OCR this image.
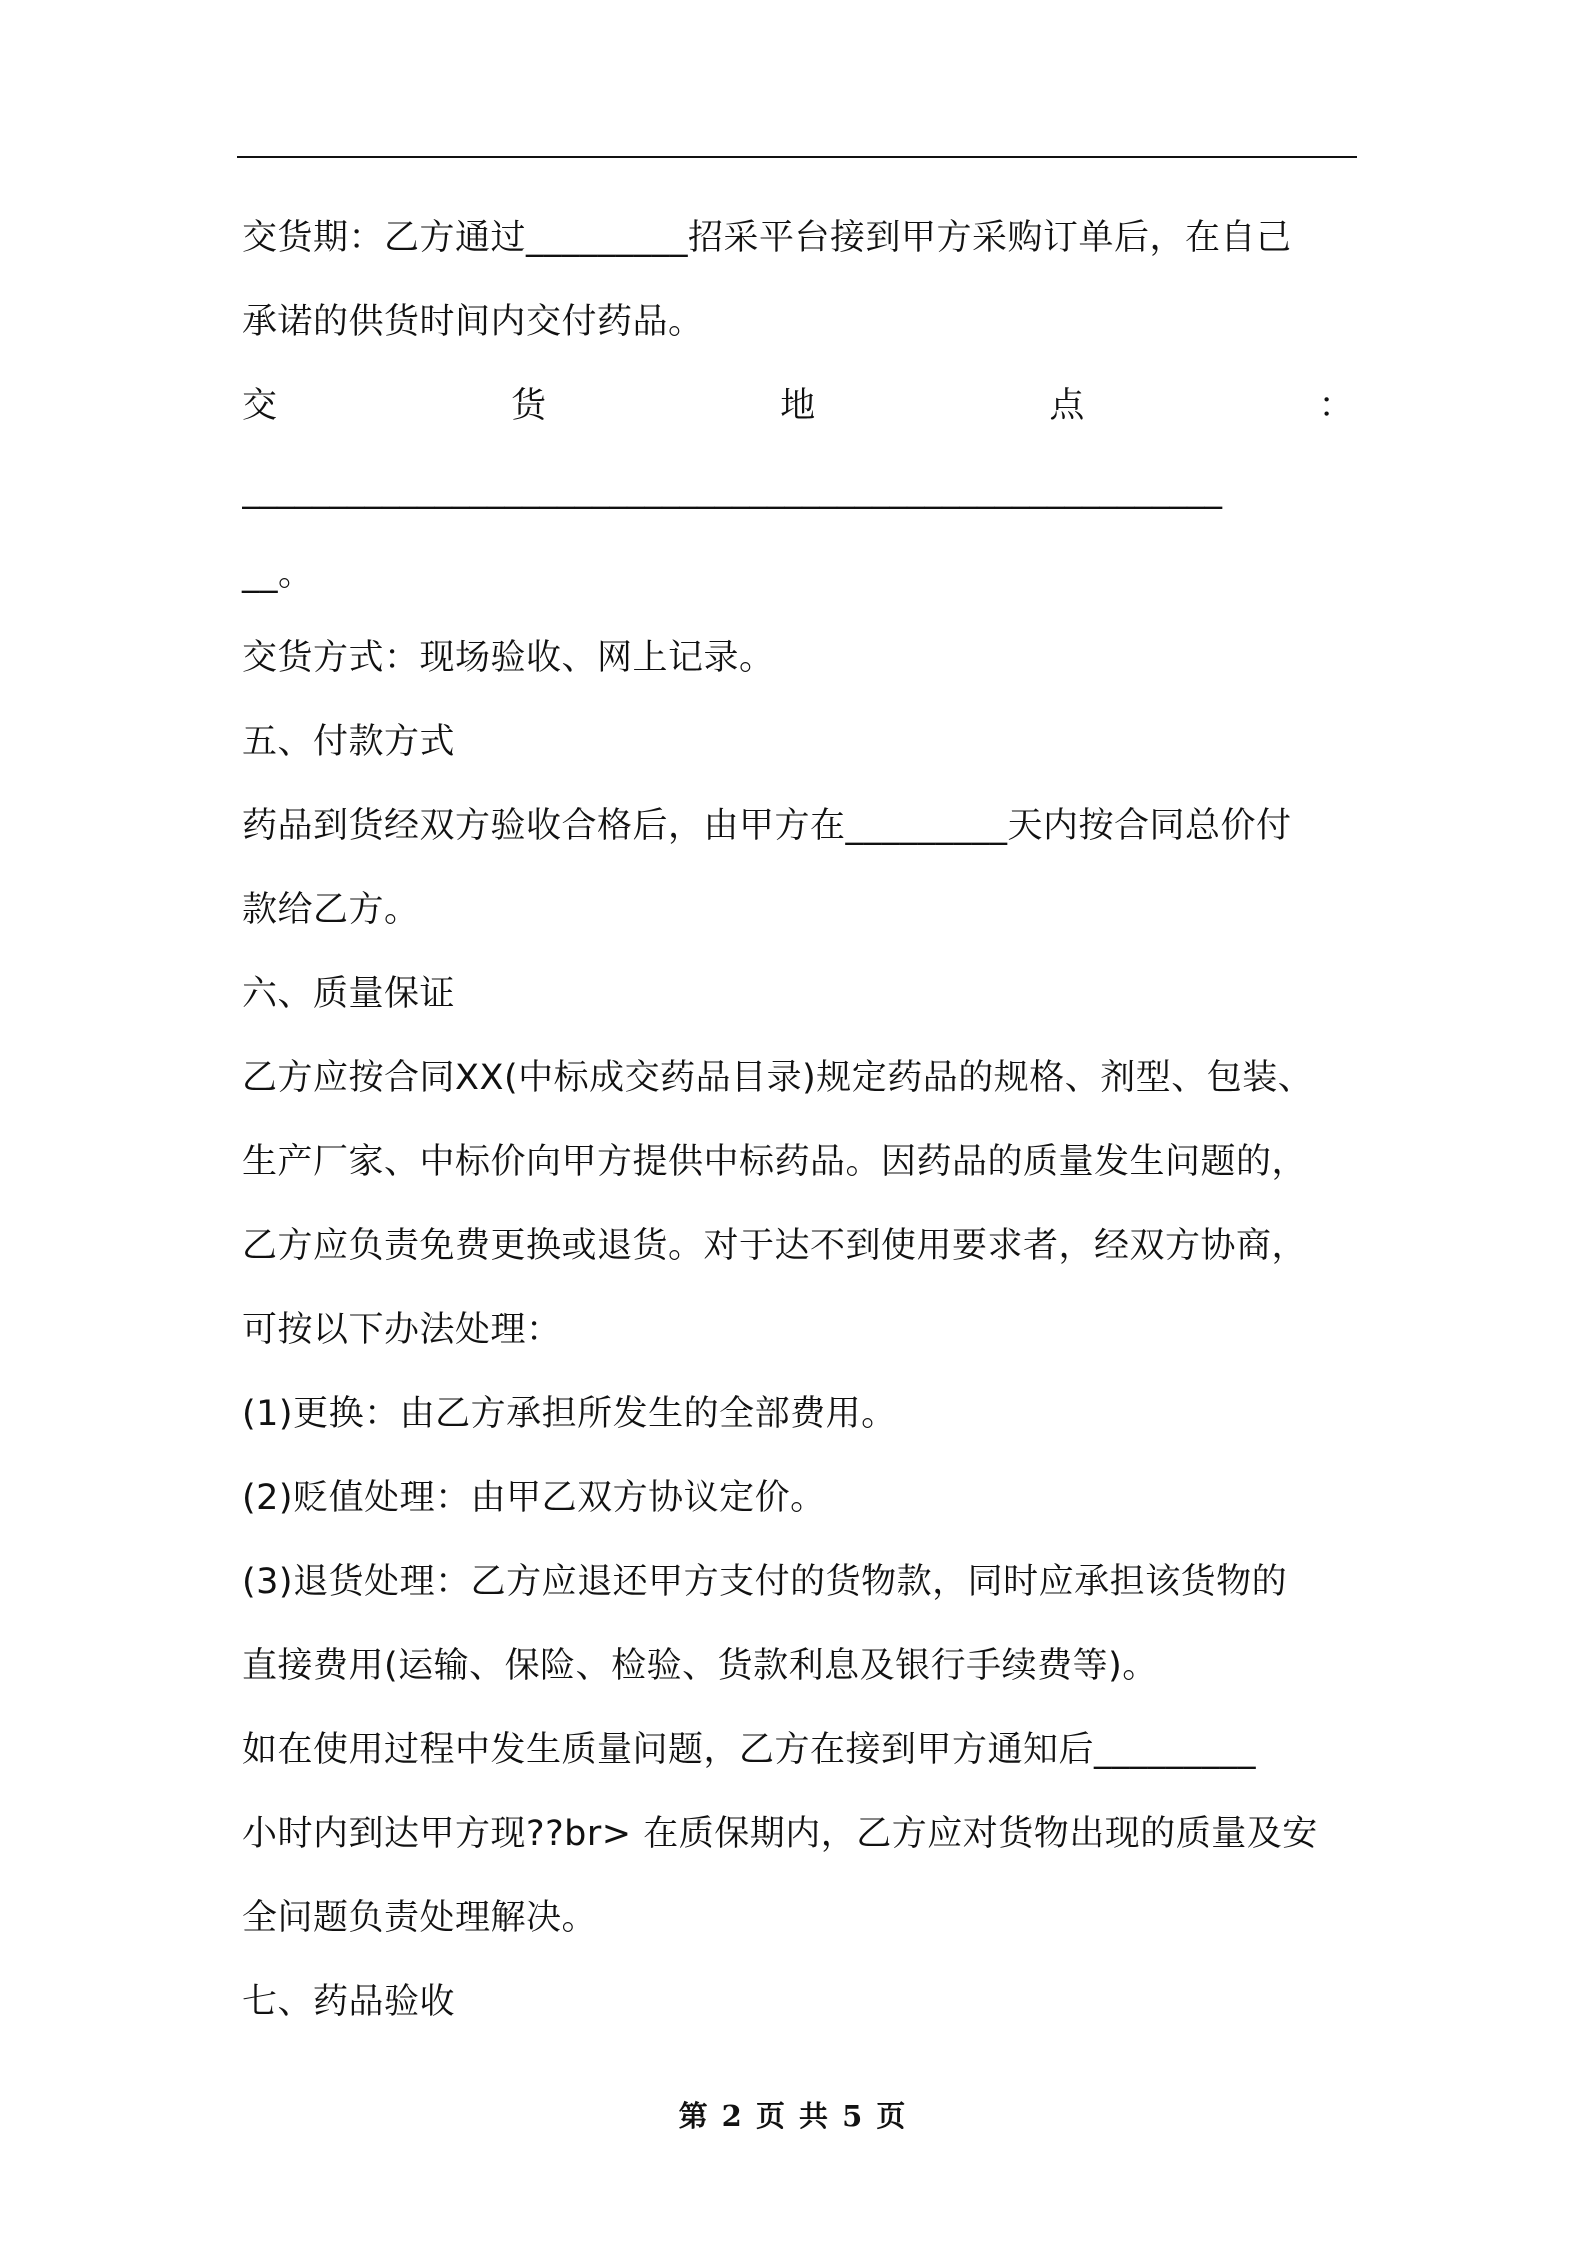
交货期：乙方通过_________招采平台接到甲方采购订单后，在自己
承诺的供货时间内交付药品。
交	货	地	点	：
________________________________________________________
__。
交货方式：现场验收、网上记录。
五、付款方式
药品到货经双方验收合格后，由甲方在_________天内按合同总价付
款给乙方。
六、质量保证
乙方应按合同XX(中标成交药品目录)规定药品的规格、剂型、包装、
生产厂家、中标价向甲方提供中标药品。因药品的质量发生问题的，
乙方应负责免费更换或退货。对于达不到使用要求者，经双方协商，
可按以下办法处理：
(1)更换：由乙方承担所发生的全部费用。
(2)贬值处理：由甲乙双方协议定价。
(3)退货处理：乙方应退还甲方支付的货物款，同时应承担该货物的
直接费用(运输、保险、检验、货款利息及银行手续费等)。
如在使用过程中发生质量问题，乙方在接到甲方通知后_________
小时内到达甲方现??br> 在质保期内，乙方应对货物出现的质量及安
全问题负责处理解决。
七、药品验收
第 2 页 共 5 页
